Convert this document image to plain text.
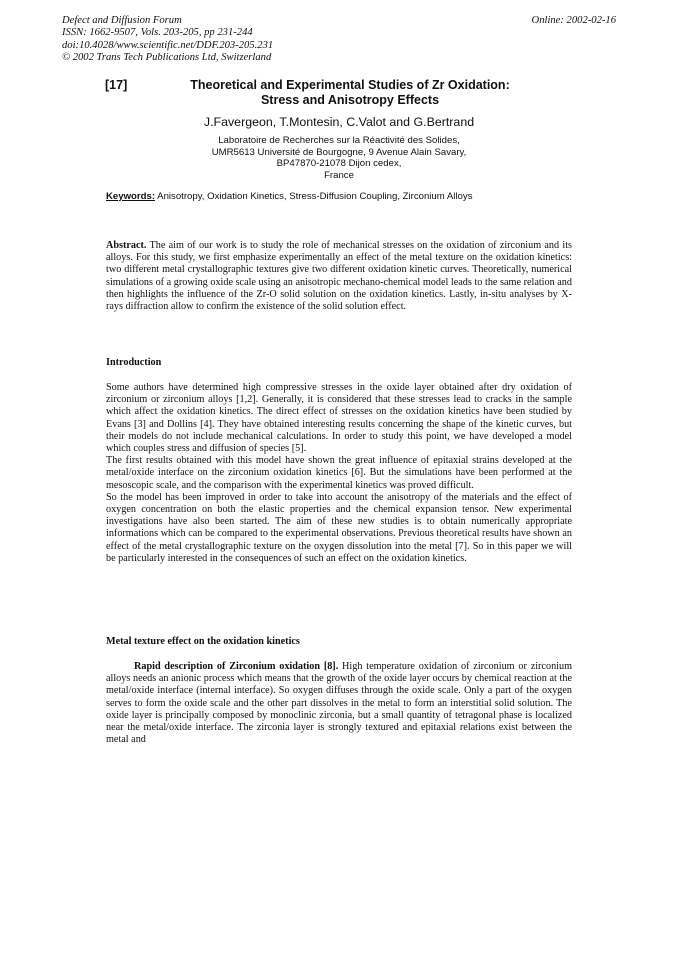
Defect and Diffusion Forum
ISSN: 1662-9507, Vols. 203-205, pp 231-244
doi:10.4028/www.scientific.net/DDF.203-205.231
© 2002 Trans Tech Publications Ltd, Switzerland
Online: 2002-02-16
[17]	Theoretical and Experimental Studies of Zr Oxidation:
Stress and Anisotropy Effects
J.Favergeon, T.Montesin, C.Valot and G.Bertrand
Laboratoire de Recherches sur la Réactivité des Solides,
UMR5613 Université de Bourgogne, 9 Avenue Alain Savary,
BP47870-21078 Dijon cedex,
France
Keywords: Anisotropy, Oxidation Kinetics, Stress-Diffusion Coupling, Zirconium Alloys

Abstract. The aim of our work is to study the role of mechanical stresses on the oxidation of zirconium and its alloys. For this study, we first emphasize experimentally an effect of the metal texture on the oxidation kinetics: two different metal crystallographic textures give two different oxidation kinetic curves. Theoretically, numerical simulations of a growing oxide scale using an anisotropic mechano-chemical model leads to the same relation and then highlights the influence of the Zr-O solid solution on the oxidation kinetics. Lastly, in-situ analyses by X-rays diffraction allow to confirm the existence of the solid solution effect.

Introduction

Some authors have determined high compressive stresses in the oxide layer obtained after dry oxidation of zirconium or zirconium alloys [1,2]. Generally, it is considered that these stresses lead to cracks in the sample which affect the oxidation kinetics. The direct effect of stresses on the oxidation kinetics have been studied by Evans [3] and Dollins [4]. They have obtained interesting results concerning the shape of the kinetic curves, but their models do not include mechanical calculations. In order to study this point, we have developed a model which couples stress and diffusion of species [5].

The first results obtained with this model have shown the great influence of epitaxial strains developed at the metal/oxide interface on the zirconium oxidation kinetics [6]. But the simulations have been performed at the mesoscopic scale, and the comparison with the experimental kinetics was proved difficult.

So the model has been improved in order to take into account the anisotropy of the materials and the effect of oxygen concentration on both the elastic properties and the chemical expansion tensor. New experimental investigations have also been started. The aim of these new studies is to obtain numerically appropriate informations which can be compared to the experimental observations. Previous theoretical results have shown an effect of the metal crystallographic texture on the oxygen dissolution into the metal [7]. So in this paper we will be particularly interested in the consequences of such an effect on the oxidation kinetics.

Metal texture effect on the oxidation kinetics

Rapid description of Zirconium oxidation [8]. High temperature oxidation of zirconium or zirconium alloys needs an anionic process which means that the growth of the oxide layer occurs by chemical reaction at the metal/oxide interface (internal interface). So oxygen diffuses through the oxide scale. Only a part of the oxygen serves to form the oxide scale and the other part dissolves in the metal to form an interstitial solid solution. The oxide layer is principally composed by monoclinic zirconia, but a small quantity of tetragonal phase is localized near the metal/oxide interface. The zirconia layer is strongly textured and epitaxial relations exist between the metal and
